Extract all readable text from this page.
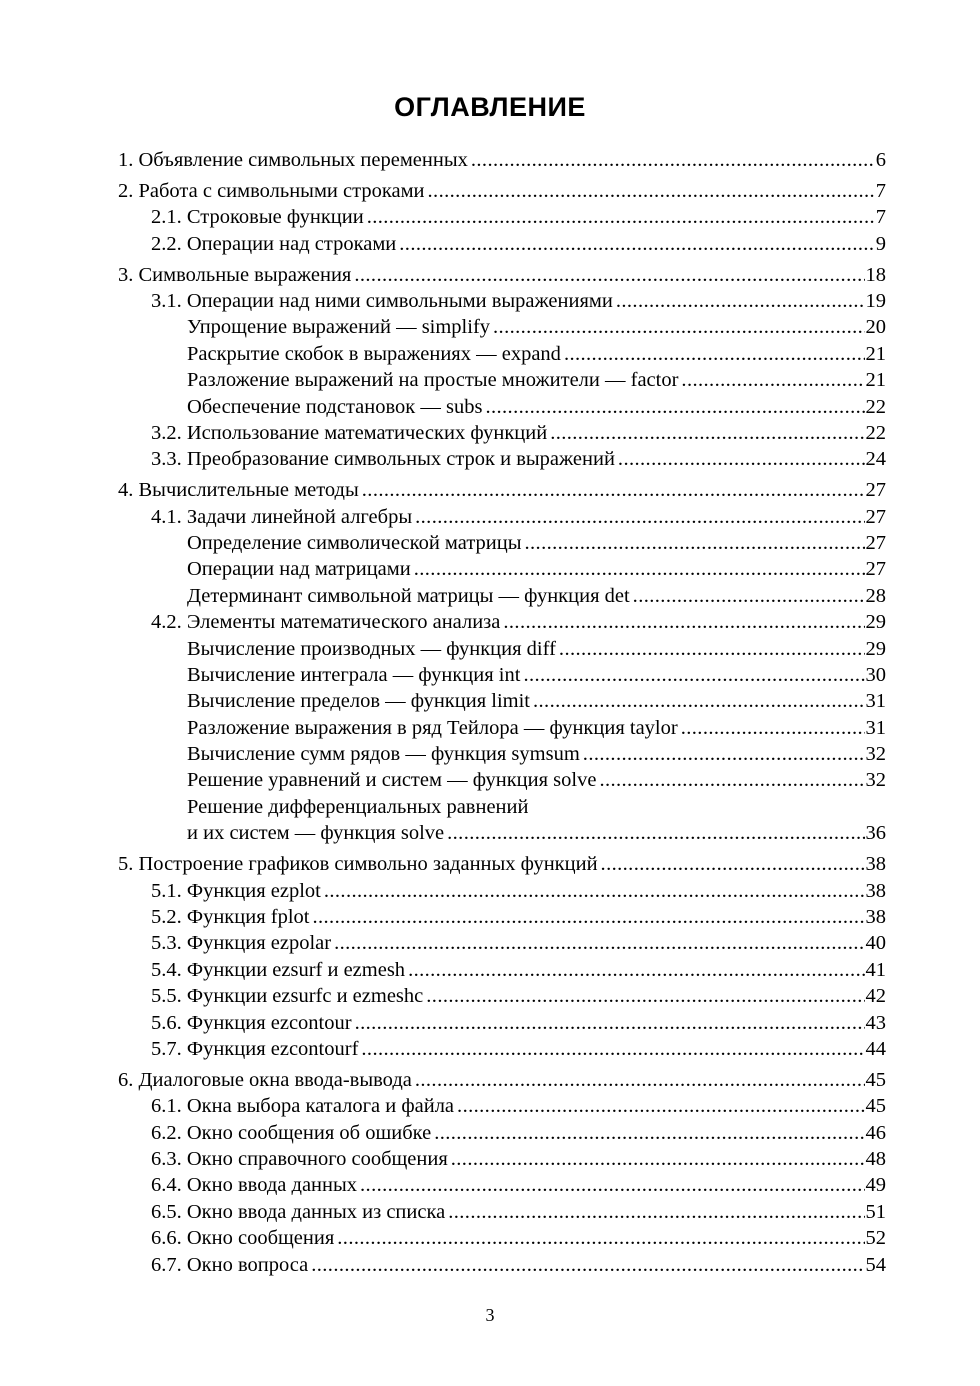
ОГЛАВЛЕНИЕ
1. Объявление символьных переменных .....	6
2. Работа с символьными строками .....	7
2.1. Строковые функции .....	7
2.2. Операции над строками .....	9
3. Символьные выражения .....	18
3.1. Операции над ними символьными выражениями .....	19
Упрощение выражений — simplify .....	20
Раскрытие скобок в выражениях — expand .....	21
Разложение выражений на простые множители — factor .....	21
Обеспечение подстановок — subs .....	22
3.2. Использование математических функций .....	22
3.3. Преобразование символьных строк и выражений .....	24
4. Вычислительные методы .....	27
4.1. Задачи линейной алгебры .....	27
Определение символической матрицы .....	27
Операции над матрицами .....	27
Детерминант символьной матрицы — функция det .....	28
4.2. Элементы математического анализа .....	29
Вычисление производных — функция diff .....	29
Вычисление интеграла — функция int .....	30
Вычисление пределов — функция limit .....	31
Разложение выражения в ряд Тейлора — функция taylor .....	31
Вычисление сумм рядов — функция symsum .....	32
Решение уравнений и систем — функция solve .....	32
Решение дифференциальных равнений
и их систем — функция solve .....	36
5. Построение графиков символьно заданных функций .....	38
5.1. Функция ezplot .....	38
5.2. Функция fplot .....	38
5.3. Функция ezpolar .....	40
5.4. Функции ezsurf и ezmesh .....	41
5.5. Функции ezsurfc и ezmeshc .....	42
5.6. Функция ezcontour .....	43
5.7. Функция ezcontourf .....	44
6. Диалоговые окна ввода-вывода .....	45
6.1. Окна выбора каталога и файла .....	45
6.2. Окно сообщения об ошибке .....	46
6.3. Окно справочного сообщения .....	48
6.4. Окно ввода данных .....	49
6.5. Окно ввода данных из списка .....	51
6.6. Окно сообщения .....	52
6.7. Окно вопроса .....	54
3
